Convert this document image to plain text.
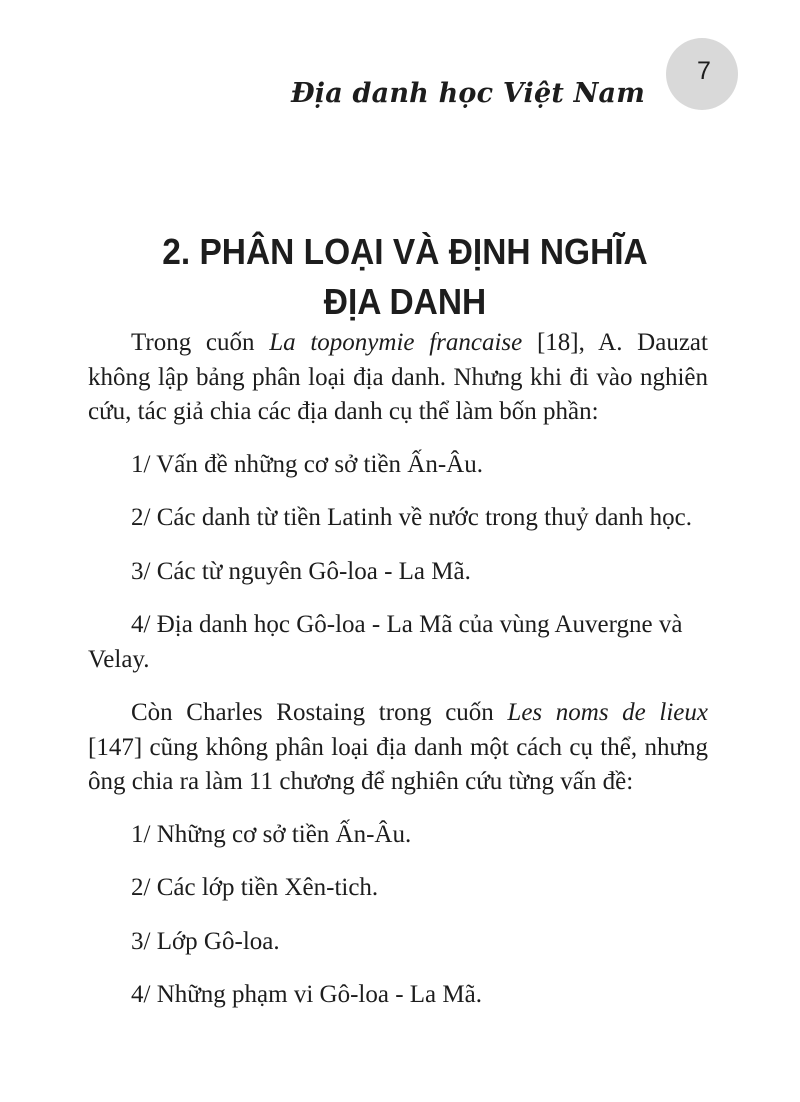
Địa danh học Việt Nam
7
2. PHÂN LOẠI VÀ ĐỊNH NGHĨA
ĐỊA DANH

Trong cuốn La toponymie francaise [18], A. Dauzat không lập bảng phân loại địa danh. Nhưng khi đi vào nghiên cứu, tác giả chia các địa danh cụ thể làm bốn phần:

1/ Vấn đề những cơ sở tiền Ấn-Âu.

2/ Các danh từ tiền Latinh về nước trong thuỷ danh học.

3/ Các từ nguyên Gô-loa - La Mã.

4/ Địa danh học Gô-loa - La Mã của vùng Auvergne và Velay.

Còn Charles Rostaing trong cuốn Les noms de lieux [147] cũng không phân loại địa danh một cách cụ thể, nhưng ông chia ra làm 11 chương để nghiên cứu từng vấn đề:

1/ Những cơ sở tiền Ấn-Âu.

2/ Các lớp tiền Xên-tich.

3/ Lớp Gô-loa.

4/ Những phạm vi Gô-loa - La Mã.
